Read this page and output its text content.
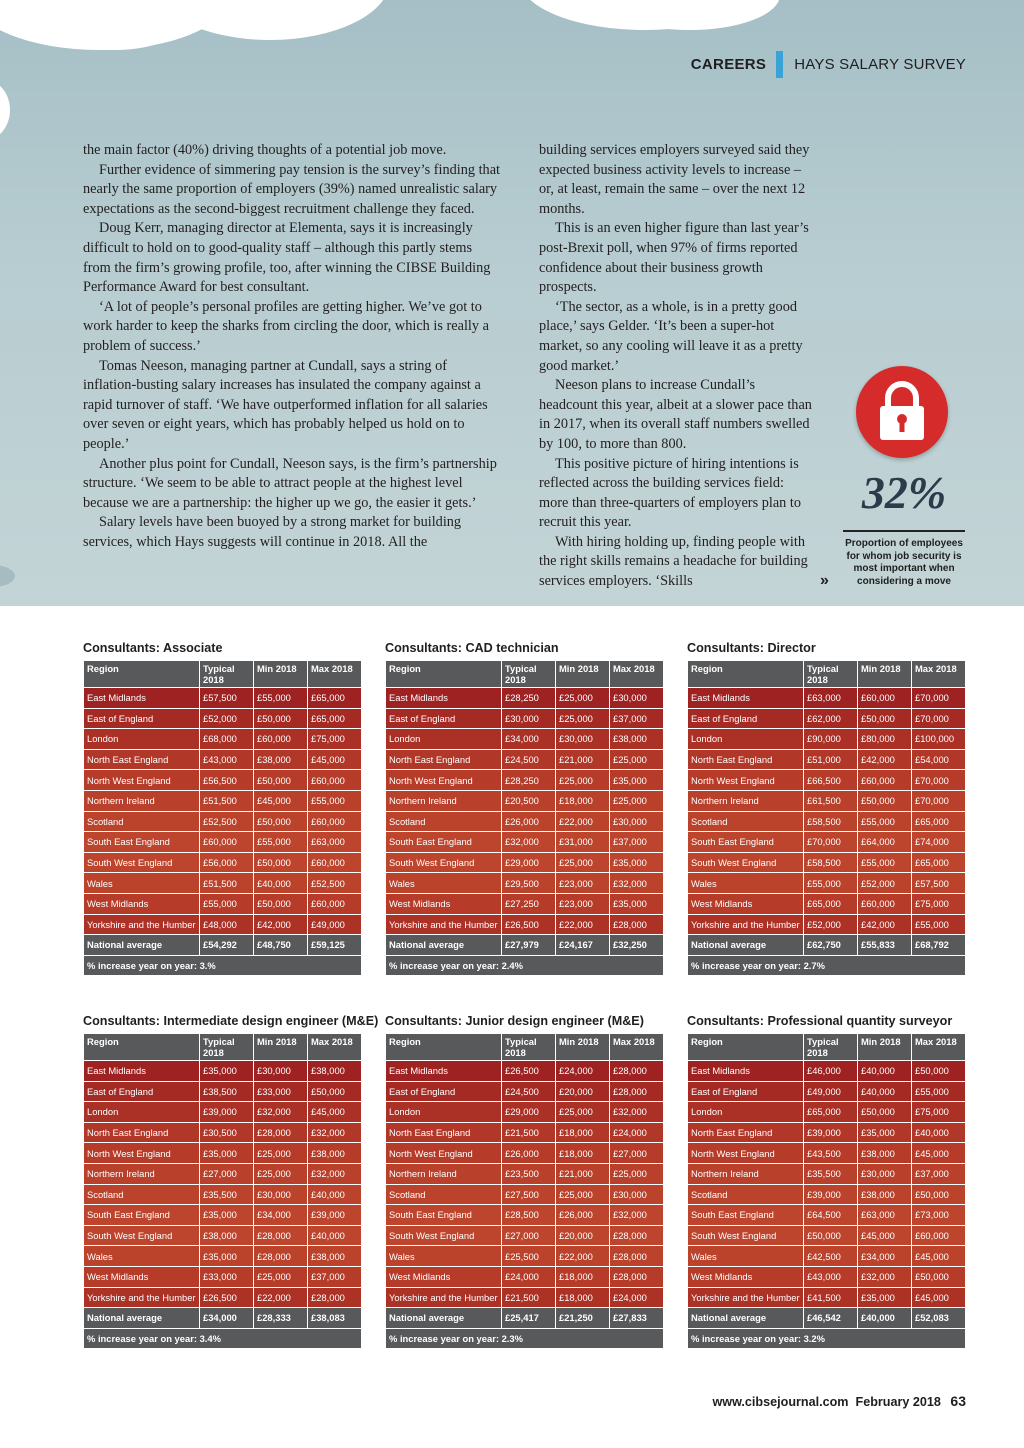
CAREERS HAYS SALARY SURVEY

the main factor (40%) driving thoughts of a potential job move.

Further evidence of simmering pay tension is the survey’s finding that nearly the same proportion of employers (39%) named unrealistic salary expectations as the second-biggest recruitment challenge they faced.

Doug Kerr, managing director at Elementa, says it is increasingly difficult to hold on to good-quality staff – although this partly stems from the firm’s growing profile, too, after winning the CIBSE Building Performance Award for best consultant.

‘A lot of people’s personal profiles are getting higher. We’ve got to work harder to keep the sharks from circling the door, which is really a problem of success.’

Tomas Neeson, managing partner at Cundall, says a string of inflation-busting salary increases has insulated the company against a rapid turnover of staff. ‘We have outperformed inflation for all salaries over seven or eight years, which has probably helped us hold on to people.’

Another plus point for Cundall, Neeson says, is the firm’s partnership structure. ‘We seem to be able to attract people at the highest level because we are a partnership: the higher up we go, the easier it gets.’

Salary levels have been buoyed by a strong market for building services, which Hays suggests will continue in 2018. All the

building services employers surveyed said they expected business activity levels to increase – or, at least, remain the same – over the next 12 months.

This is an even higher figure than last year’s post-Brexit poll, when 97% of firms reported confidence about their business growth prospects.

‘The sector, as a whole, is in a pretty good place,’ says Gelder. ‘It’s been a super-hot market, so any cooling will leave it as a pretty good market.’

Neeson plans to increase Cundall’s headcount this year, albeit at a slower pace than in 2017, when its overall staff numbers swelled by 100, to more than 800.

This positive picture of hiring intentions is reflected across the building services field: more than three-quarters of employers plan to recruit this year.

With hiring holding up, finding people with the right skills remains a headache for building services employers. ‘Skills

32%
Proportion of employees for whom job security is most important when considering a move
»
Consultants: Associate
Region	Typical 2018	Min 2018	Max 2018
East Midlands	£57,500	£55,000	£65,000
East of England	£52,000	£50,000	£65,000
London	£68,000	£60,000	£75,000
North East England	£43,000	£38,000	£45,000
North West England	£56,500	£50,000	£60,000
Northern Ireland	£51,500	£45,000	£55,000
Scotland	£52,500	£50,000	£60,000
South East England	£60,000	£55,000	£63,000
South West England	£56,000	£50,000	£60,000
Wales	£51,500	£40,000	£52,500
West Midlands	£55,000	£50,000	£60,000
Yorkshire and the Humber	£48,000	£42,000	£49,000
National average	£54,292	£48,750	£59,125
% increase year on year: 3.%			
Consultants: CAD technician
Region	Typical 2018	Min 2018	Max 2018
East Midlands	£28,250	£25,000	£30,000
East of England	£30,000	£25,000	£37,000
London	£34,000	£30,000	£38,000
North East England	£24,500	£21,000	£25,000
North West England	£28,250	£25,000	£35,000
Northern Ireland	£20,500	£18,000	£25,000
Scotland	£26,000	£22,000	£30,000
South East England	£32,000	£31,000	£37,000
South West England	£29,000	£25,000	£35,000
Wales	£29,500	£23,000	£32,000
West Midlands	£27,250	£23,000	£35,000
Yorkshire and the Humber	£26,500	£22,000	£28,000
National average	£27,979	£24,167	£32,250
% increase year on year: 2.4%			
Consultants: Director
Region	Typical 2018	Min 2018	Max 2018
East Midlands	£63,000	£60,000	£70,000
East of England	£62,000	£50,000	£70,000
London	£90,000	£80,000	£100,000
North East England	£51,000	£42,000	£54,000
North West England	£66,500	£60,000	£70,000
Northern Ireland	£61,500	£50,000	£70,000
Scotland	£58,500	£55,000	£65,000
South East England	£70,000	£64,000	£74,000
South West England	£58,500	£55,000	£65,000
Wales	£55,000	£52,000	£57,500
West Midlands	£65,000	£60,000	£75,000
Yorkshire and the Humber	£52,000	£42,000	£55,000
National average	£62,750	£55,833	£68,792
% increase year on year: 2.7%			
Consultants: Intermediate design engineer (M&E)
Region	Typical 2018	Min 2018	Max 2018
East Midlands	£35,000	£30,000	£38,000
East of England	£38,500	£33,000	£50,000
London	£39,000	£32,000	£45,000
North East England	£30,500	£28,000	£32,000
North West England	£35,000	£25,000	£38,000
Northern Ireland	£27,000	£25,000	£32,000
Scotland	£35,500	£30,000	£40,000
South East England	£35,000	£34,000	£39,000
South West England	£38,000	£28,000	£40,000
Wales	£35,000	£28,000	£38,000
West Midlands	£33,000	£25,000	£37,000
Yorkshire and the Humber	£26,500	£22,000	£28,000
National average	£34,000	£28,333	£38,083
% increase year on year: 3.4%			
Consultants: Junior design engineer (M&E)
Region	Typical 2018	Min 2018	Max 2018
East Midlands	£26,500	£24,000	£28,000
East of England	£24,500	£20,000	£28,000
London	£29,000	£25,000	£32,000
North East England	£21,500	£18,000	£24,000
North West England	£26,000	£18,000	£27,000
Northern Ireland	£23,500	£21,000	£25,000
Scotland	£27,500	£25,000	£30,000
South East England	£28,500	£26,000	£32,000
South West England	£27,000	£20,000	£28,000
Wales	£25,500	£22,000	£28,000
West Midlands	£24,000	£18,000	£28,000
Yorkshire and the Humber	£21,500	£18,000	£24,000
National average	£25,417	£21,250	£27,833
% increase year on year: 2.3%			
Consultants: Professional quantity surveyor
Region	Typical 2018	Min 2018	Max 2018
East Midlands	£46,000	£40,000	£50,000
East of England	£49,000	£40,000	£55,000
London	£65,000	£50,000	£75,000
North East England	£39,000	£35,000	£40,000
North West England	£43,500	£38,000	£45,000
Northern Ireland	£35,500	£30,000	£37,000
Scotland	£39,000	£38,000	£50,000
South East England	£64,500	£63,000	£73,000
South West England	£50,000	£45,000	£60,000
Wales	£42,500	£34,000	£45,000
West Midlands	£43,000	£32,000	£50,000
Yorkshire and the Humber	£41,500	£35,000	£45,000
National average	£46,542	£40,000	£52,083
% increase year on year: 3.2%			
www.cibsejournal.com February 2018 63
